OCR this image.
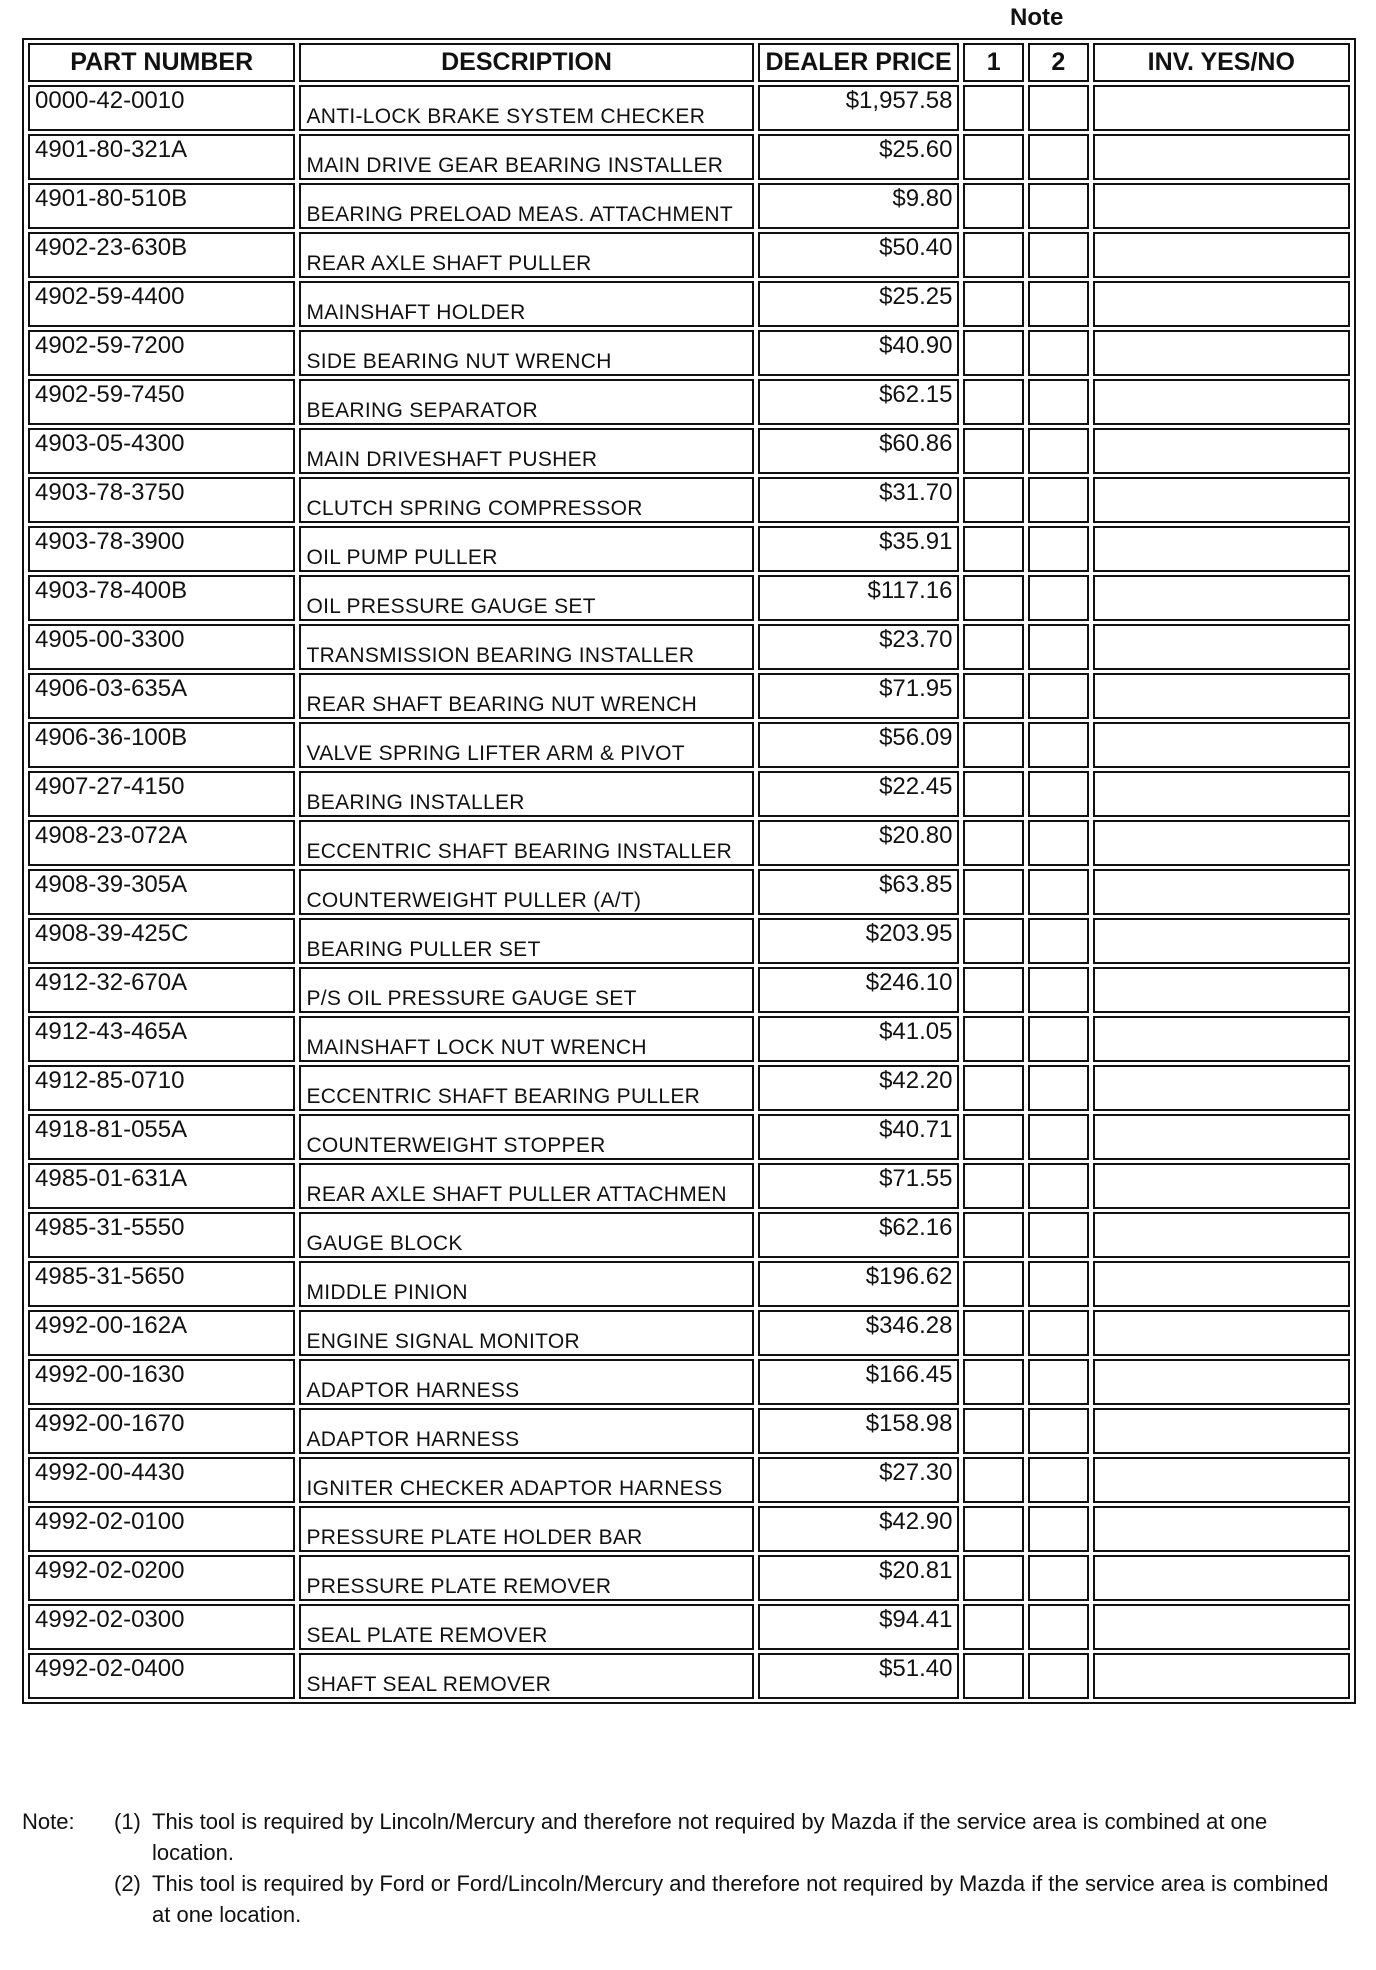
Note
PART NUMBER	DESCRIPTION	DEALER PRICE	1	2	INV. YES/NO
0000-42-0010	ANTI-LOCK BRAKE SYSTEM CHECKER	$1,957.58			
4901-80-321A	MAIN DRIVE GEAR BEARING INSTALLER	$25.60			
4901-80-510B	BEARING PRELOAD MEAS. ATTACHMENT	$9.80			
4902-23-630B	REAR AXLE SHAFT PULLER	$50.40			
4902-59-4400	MAINSHAFT HOLDER	$25.25			
4902-59-7200	SIDE BEARING NUT WRENCH	$40.90			
4902-59-7450	BEARING SEPARATOR	$62.15			
4903-05-4300	MAIN DRIVESHAFT PUSHER	$60.86			
4903-78-3750	CLUTCH SPRING COMPRESSOR	$31.70			
4903-78-3900	OIL PUMP PULLER	$35.91			
4903-78-400B	OIL PRESSURE GAUGE SET	$117.16			
4905-00-3300	TRANSMISSION BEARING INSTALLER	$23.70			
4906-03-635A	REAR SHAFT BEARING NUT WRENCH	$71.95			
4906-36-100B	VALVE SPRING LIFTER ARM & PIVOT	$56.09			
4907-27-4150	BEARING INSTALLER	$22.45			
4908-23-072A	ECCENTRIC SHAFT BEARING INSTALLER	$20.80			
4908-39-305A	COUNTERWEIGHT PULLER (A/T)	$63.85			
4908-39-425C	BEARING PULLER SET	$203.95			
4912-32-670A	P/S OIL PRESSURE GAUGE SET	$246.10			
4912-43-465A	MAINSHAFT LOCK NUT WRENCH	$41.05			
4912-85-0710	ECCENTRIC SHAFT BEARING PULLER	$42.20			
4918-81-055A	COUNTERWEIGHT STOPPER	$40.71			
4985-01-631A	REAR AXLE SHAFT PULLER ATTACHMEN	$71.55			
4985-31-5550	GAUGE BLOCK	$62.16			
4985-31-5650	MIDDLE PINION	$196.62			
4992-00-162A	ENGINE SIGNAL MONITOR	$346.28			
4992-00-1630	ADAPTOR HARNESS	$166.45			
4992-00-1670	ADAPTOR HARNESS	$158.98			
4992-00-4430	IGNITER CHECKER ADAPTOR HARNESS	$27.30			
4992-02-0100	PRESSURE PLATE HOLDER BAR	$42.90			
4992-02-0200	PRESSURE PLATE REMOVER	$20.81			
4992-02-0300	SEAL PLATE REMOVER	$94.41			
4992-02-0400	SHAFT SEAL REMOVER	$51.40			
Note:	(1) This tool is required by Lincoln/Mercury and therefore not required by Mazda if the service area is combined at one location.
(2) This tool is required by Ford or Ford/Lincoln/Mercury and therefore not required by Mazda if the service area is combined at one location.
